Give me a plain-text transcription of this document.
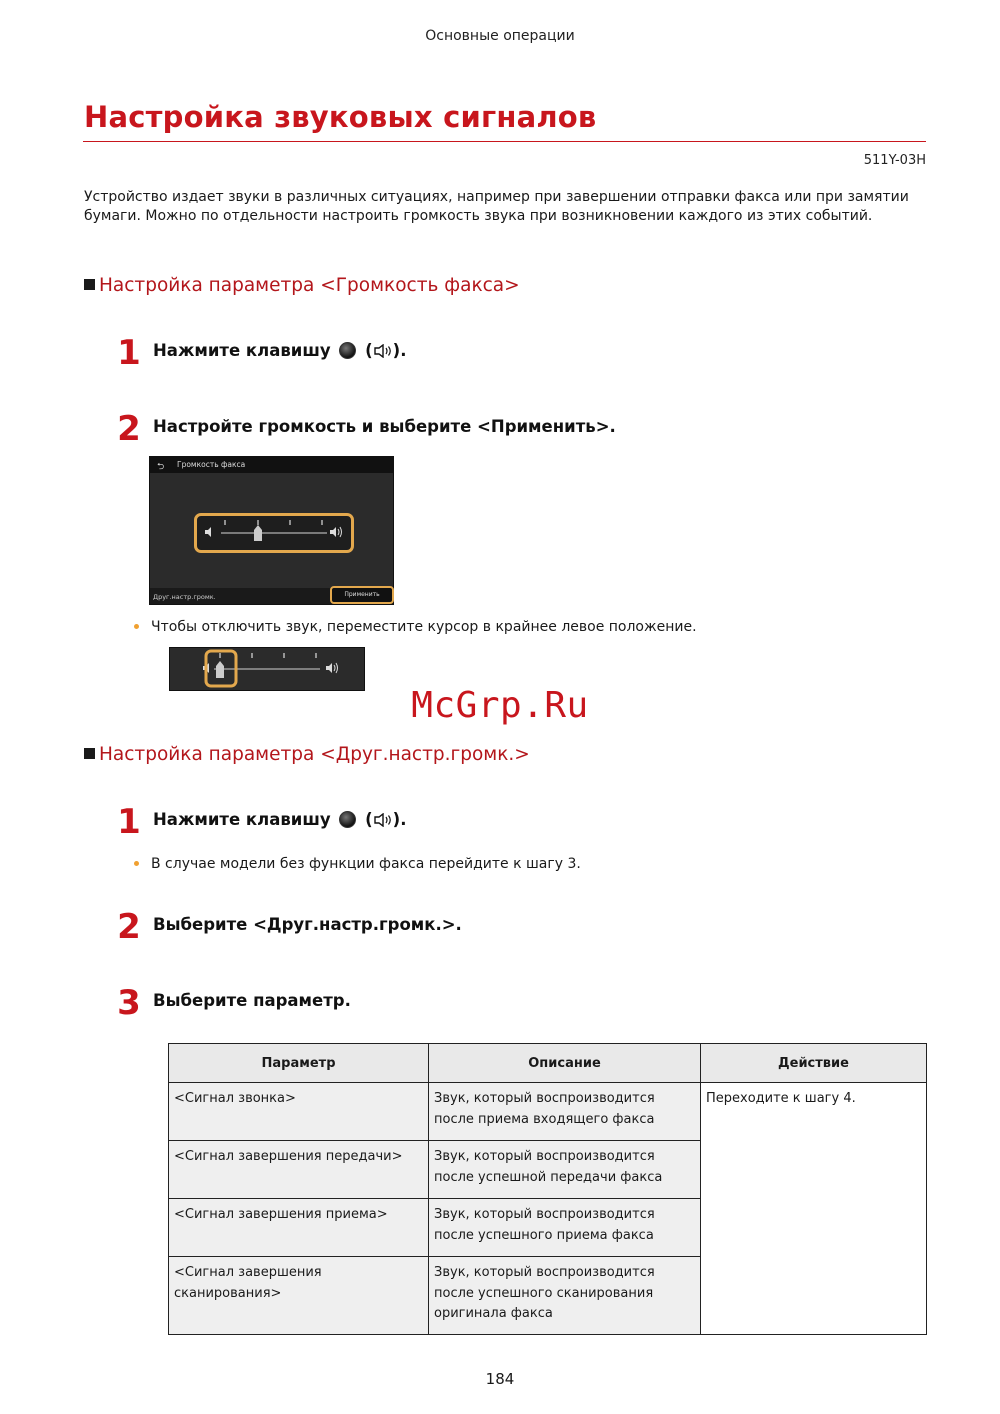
Основные операции
Настройка звуковых сигналов
511Y-03H
Устройство издает звуки в различных ситуациях, например при завершении отправки факса или при замятии бумаги. Можно по отдельности настроить громкость звука при возникновении каждого из этих событий.
Настройка параметра <Громкость факса>
1 Нажмите клавишу ( ).
2 Настройте громкость и выберите <Применить>.
⮌ Громкость факса
Друг.настр.громк.	Применить
Чтобы отключить звук, переместите курсор в крайнее левое положение.
McGrp.Ru
Настройка параметра <Друг.настр.громк.>
1 Нажмите клавишу ( ).
В случае модели без функции факса перейдите к шагу 3.
2 Выберите <Друг.настр.громк.>.
3 Выберите параметр.
Параметр	Описание	Действие
<Сигнал звонка>	Звук, который воспроизводится после приема входящего факса	Переходите к шагу 4.
<Сигнал завершения передачи>	Звук, который воспроизводится после успешной передачи факса	
<Сигнал завершения приема>	Звук, который воспроизводится после успешного приема факса	
<Сигнал завершения сканирования>	Звук, который воспроизводится после успешного сканирования оригинала факса	
184
